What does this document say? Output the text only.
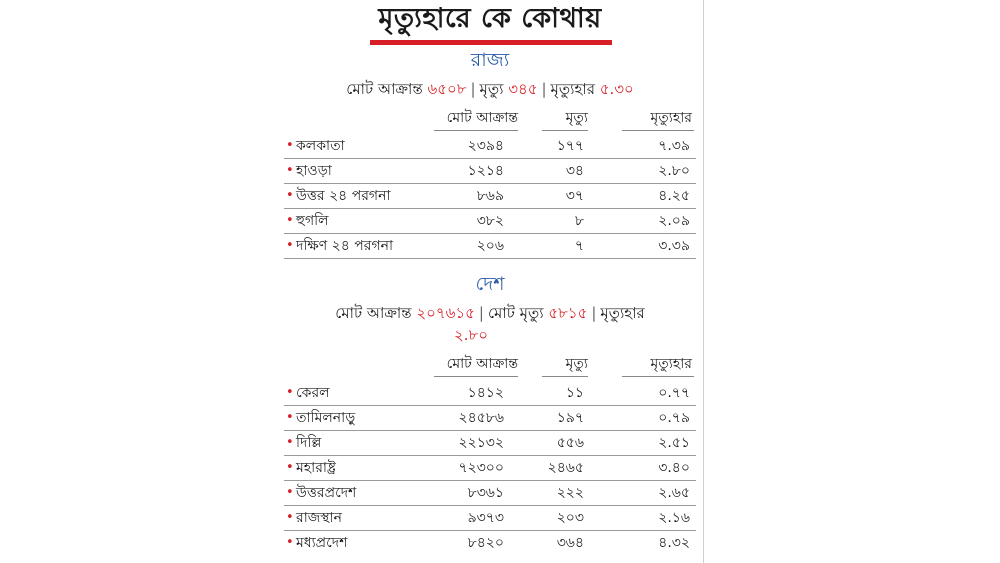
মৃত্যুহারে কে কোথায়
রাজ্য
মোট আক্রান্ত ৬৫০৮ | মৃত্যু ৩৪৫ | মৃত্যুহার ৫.৩০
মোট আক্রান্ত	মৃত্যু	মৃত্যুহার
• কলকাতা	২৩৯৪	১৭৭	৭.৩৯
• হাওড়া	১২১৪	৩৪	২.৮০
• উত্তর ২৪ পরগনা	৮৬৯	৩৭	৪.২৫
• হুগলি	৩৮২	৮	২.০৯
• দক্ষিণ ২৪ পরগনা	২০৬	৭	৩.৩৯
দেশ
মোট আক্রান্ত ২০৭৬১৫ | মোট মৃত্যু ৫৮১৫ | মৃত্যুহার
২.৮০
মোট আক্রান্ত	মৃত্যু	মৃত্যুহার
• কেরল	১৪১২	১১	০.৭৭
• তামিলনাড়ু	২৪৫৮৬	১৯৭	০.৭৯
• দিল্লি	২২১৩২	৫৫৬	২.৫১
• মহারাষ্ট্র	৭২৩০০	২৪৬৫	৩.৪০
• উত্তরপ্রদেশ	৮৩৬১	২২২	২.৬৫
• রাজস্থান	৯৩৭৩	২০৩	২.১৬
• মধ্যপ্রদেশ	৮৪২০	৩৬৪	৪.৩২
